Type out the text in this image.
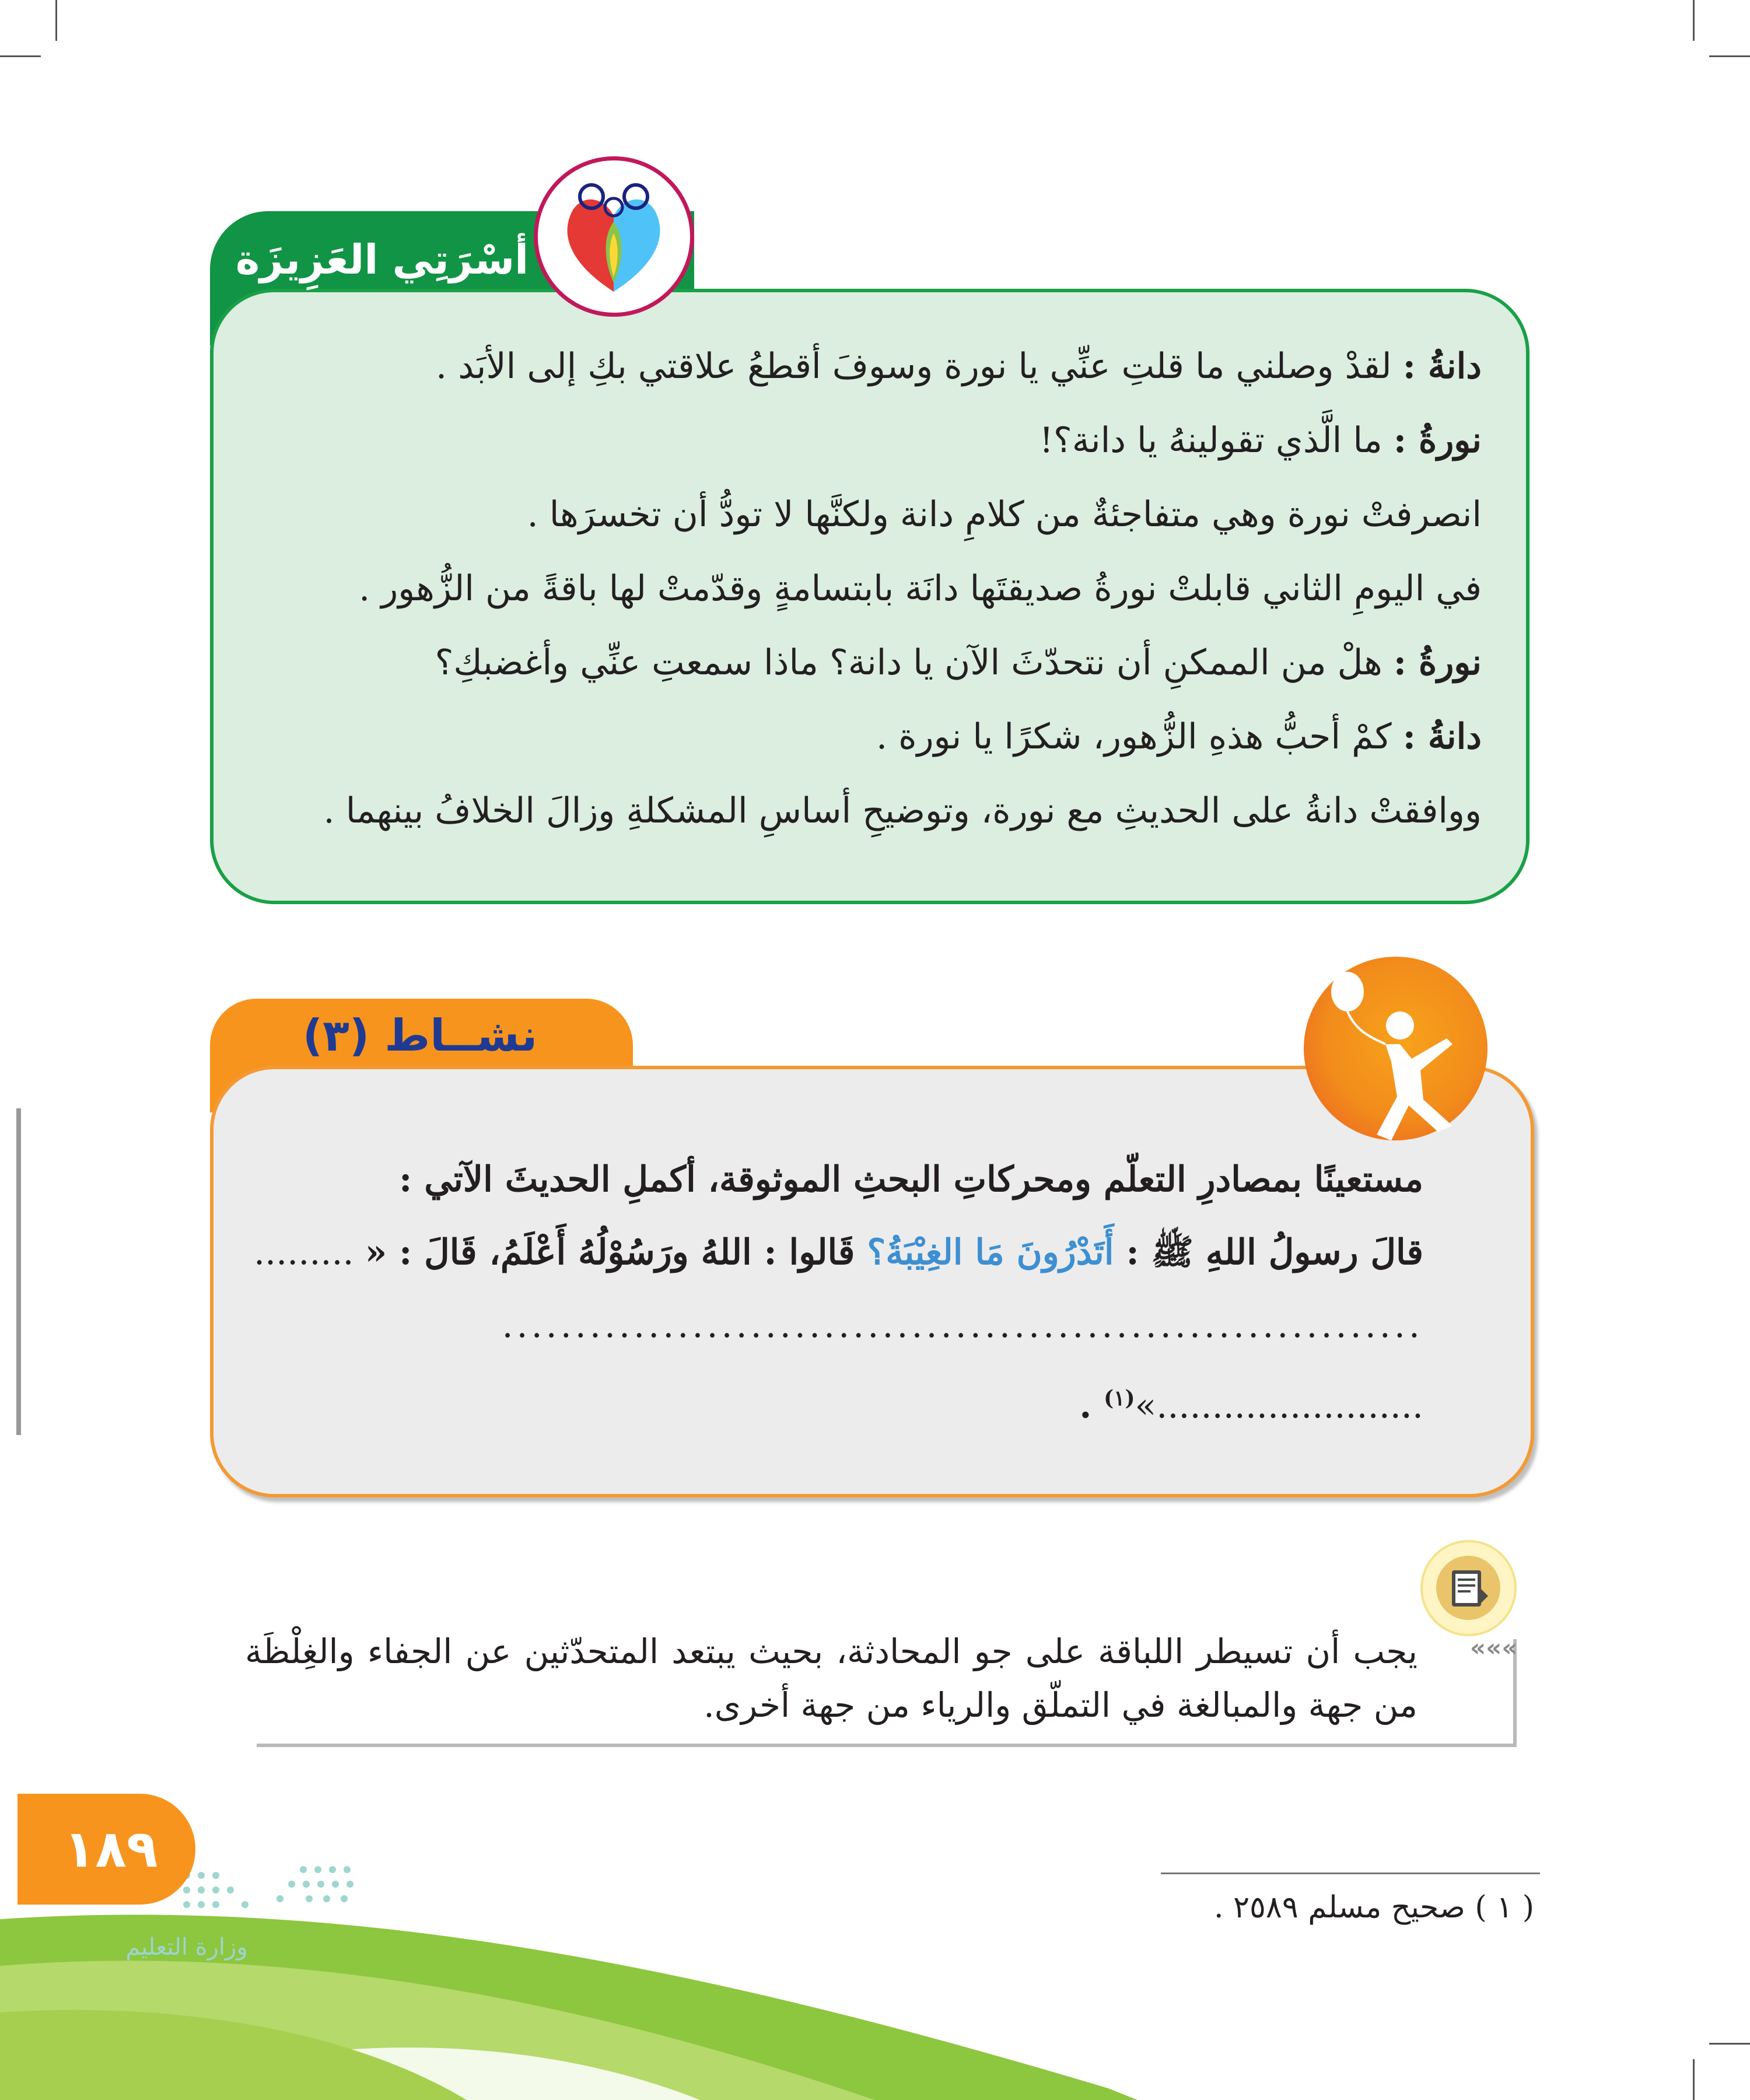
أسْرَتِي العَزِيزَة

دانةُ : لقدْ وصلني ما قلتِ عنِّي يا نورة وسوفَ أقطعُ علاقتي بكِ إلى الأبَد .

نورةُ : ما الَّذي تقولينهُ يا دانة؟!

انصرفتْ نورة وهي متفاجئةٌ من كلامِ دانة ولكنَّها لا تودُّ أن تخسرَها .

في اليومِ الثاني قابلتْ نورةُ صديقتَها دانَة بابتسامةٍ وقدّمتْ لها باقةً من الزُّهور .

نورةُ : هلْ من الممكنِ أن نتحدّثَ الآن يا دانة؟ ماذا سمعتِ عنِّي وأغضبكِ؟

دانةُ : كمْ أحبُّ هذهِ الزُّهور، شكرًا يا نورة .

ووافقتْ دانةُ على الحديثِ مع نورة، وتوضيحِ أساسِ المشكلةِ وزالَ الخلافُ بينهما .

نشــاط (٣)

مستعينًا بمصادرِ التعلّم ومحركاتِ البحثِ الموثوقة، أكملِ الحديثَ الآتي :

قالَ رسولُ اللهِ ﷺ : أَتَدْرُونَ مَا الغِيْبَةُ؟ قَالوا : اللهُ ورَسُوْلُهُ أَعْلَمُ، قَالَ : « .........

...............................................................

........................»$^{(١)}$ .

«««
يجب أن تسيطر اللباقة على جو المحادثة، بحيث يبتعد المتحدّثين عن الجفاء والغِلْظَة من جهة والمبالغة في التملّق والرياء من جهة أخرى.
وزارة التعليم
١٨٩
( ١ ) صحيح مسلم ٢٥٨٩ .
